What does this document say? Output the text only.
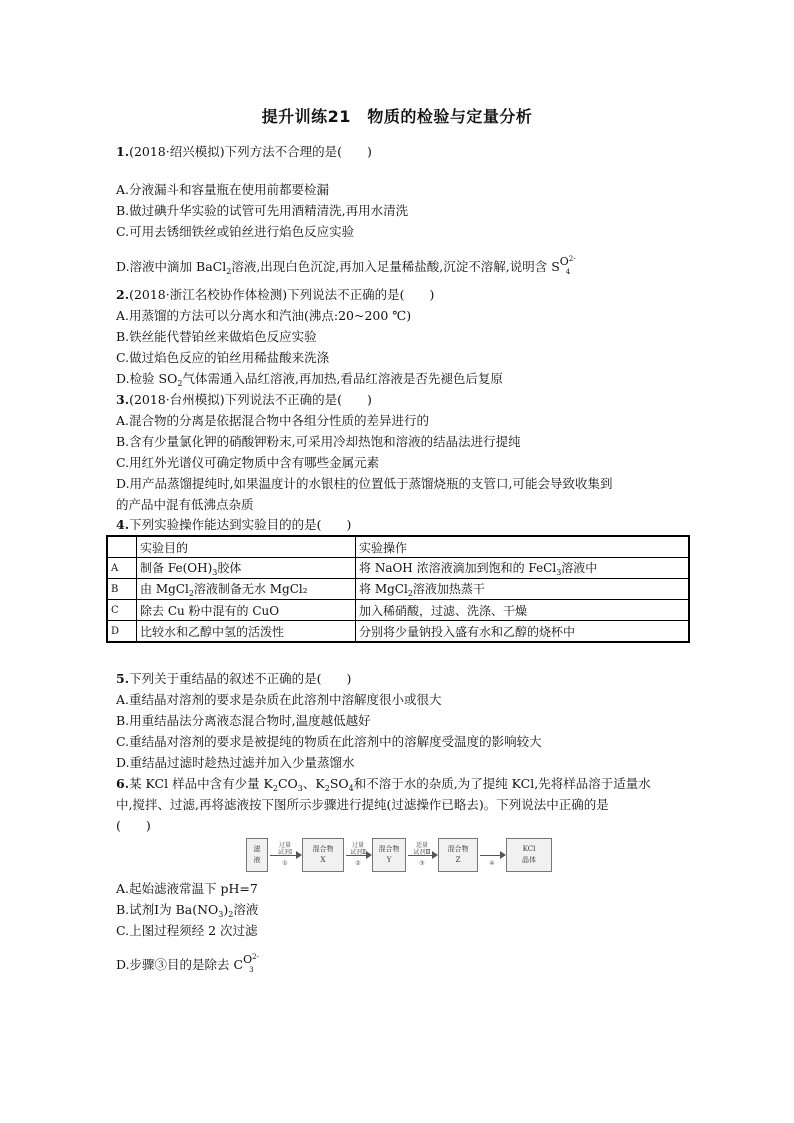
提升训练21　物质的检验与定量分析
1.(2018·绍兴模拟)下列方法不合理的是(　　)
A.分液漏斗和容量瓶在使用前都要检漏
B.做过碘升华实验的试管可先用酒精清洗,再用水清洗
C.可用去锈细铁丝或铂丝进行焰色反应实验
D.溶液中滴加 BaCl$_2$溶液,出现白色沉淀,再加入足量稀盐酸,沉淀不溶解,说明含 S O 2-
4
2.(2018·浙江名校协作体检测)下列说法不正确的是(　　)
A.用蒸馏的方法可以分离水和汽油(沸点:20~200 ℃)
B.铁丝能代替铂丝来做焰色反应实验
C.做过焰色反应的铂丝用稀盐酸来洗涤
D.检验 $SO_2$气体需通入品红溶液,再加热,看品红溶液是否先褪色后复原
3.(2018·台州模拟)下列说法不正确的是(　　)
A.混合物的分离是依据混合物中各组分性质的差异进行的
B.含有少量氯化钾的硝酸钾粉末,可采用冷却热饱和溶液的结晶法进行提纯
C.用红外光谱仪可确定物质中含有哪些金属元素
D.用产品蒸馏提纯时,如果温度计的水银柱的位置低于蒸馏烧瓶的支管口,可能会导致收集到
的产品中混有低沸点杂质
4.下列实验操作能达到实验目的的是(　　)
	实验目的	实验操作
A	制备 $Fe(OH)_3$胶体	将 NaOH 浓溶液滴加到饱和的 FeCl$_3$溶液中
B	由 MgCl$_2$溶液制备无水 MgCl₂	将 MgCl$_2$溶液加热蒸干
C	除去 Cu 粉中混有的 CuO	加入稀硝酸，过滤、洗涤、干燥
D	比较水和乙醇中氢的活泼性	分别将少量钠投入盛有水和乙醇的烧杯中
5.下列关于重结晶的叙述不正确的是(　　)
A.重结晶对溶剂的要求是杂质在此溶剂中溶解度很小或很大
B.用重结晶法分离液态混合物时,温度越低越好
C.重结晶对溶剂的要求是被提纯的物质在此溶剂中的溶解度受温度的影响较大
D.重结晶过滤时趁热过滤并加入少量蒸馏水
6.某 KCl 样品中含有少量 $K_2CO_3$、$K_2SO_4$和不溶于水的杂质,为了提纯 KCl,先将样品溶于适量水
中,搅拌、过滤,再将滤液按下图所示步骤进行提纯(过滤操作已略去)。下列说法中正确的是
(　　)
滤
液
过量
试剂Ⅰ
①
混合物
X
过量
试剂Ⅱ
②
混合物
Y
适量
试剂Ⅲ
③
混合物
Z	④
KCl
晶体
A.起始滤液常温下 pH=7
B.试剂Ⅰ为 $Ba(NO_3)_2$溶液
C.上图过程须经 2 次过滤
D.步骤③目的是除去 C O 2-
3
